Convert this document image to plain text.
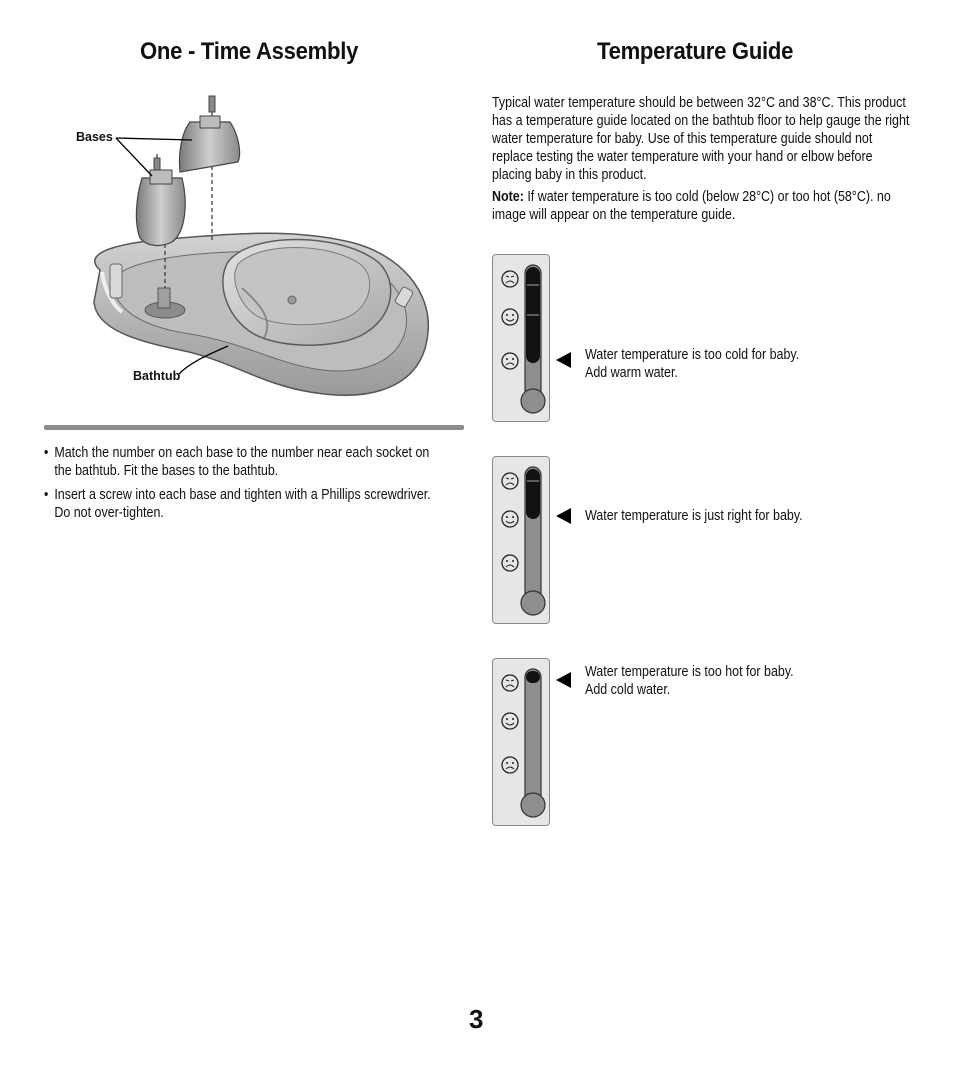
One - Time Assembly
Bases
Bathtub
• Match the number on each base to the number near each socket on the bathtub. Fit the bases to the bathtub.
• Insert a screw into each base and tighten with a Phillips screwdriver. Do not over-tighten.
Temperature Guide

Typical water temperature should be between 32°C and 38°C. This product has a temperature guide located on the bathtub floor to help gauge the right water temperature for baby. Use of this temperature guide should not replace testing the water temperature with your hand or elbow before placing baby in this product.

Note: If water temperature is too cold (below 28°C) or too hot (58°C). no image will appear on the temperature guide.

Water temperature is too cold for baby.
Add warm water.
Water temperature is just right for baby.
Water temperature is too hot for baby.
Add cold water.
3
